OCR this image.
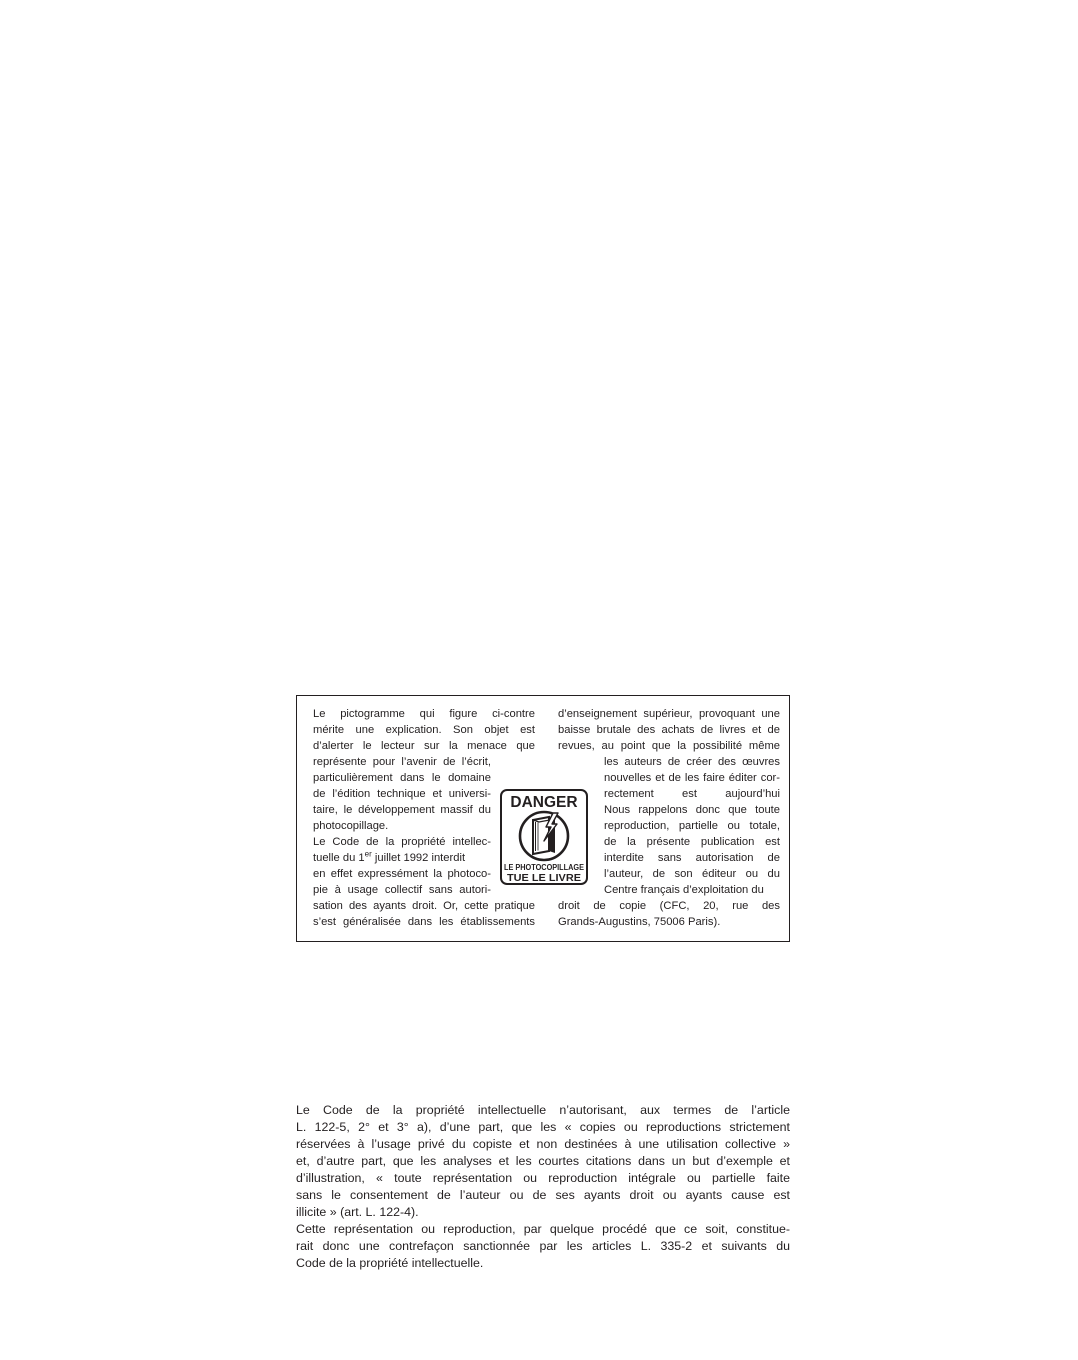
Le pictogramme qui figure ci-contre
mérite une explication. Son objet est
d’alerter le lecteur sur la menace que
représente pour l’avenir de l’écrit,
particulièrement dans le domaine
de l’édition technique et universi-
taire, le développement massif du
photocopillage.
Le Code de la propriété intellec-
tuelle du 1er juillet 1992 interdit
en effet expressément la photoco-
pie à usage collectif sans autori-
sation des ayants droit. Or, cette pratique
s’est généralisée dans les établissements
d’enseignement supérieur, provoquant une
baisse brutale des achats de livres et de
revues, au point que la possibilité même
les auteurs de créer des œuvres
nouvelles et de les faire éditer cor-
rectement est aujourd’hui
Nous rappelons donc que toute
reproduction, partielle ou totale,
de la présente publication est
interdite sans autorisation de
l’auteur, de son éditeur ou du
Centre français d’exploitation du
droit de copie (CFC, 20, rue des
Grands-Augustins, 75006 Paris).
DANGER
LE PHOTOCOPILLAGE
TUE LE LIVRE
Le Code de la propriété intellectuelle n’autorisant, aux termes de l’article
L. 122-5, 2° et 3° a), d’une part, que les « copies ou reproductions strictement
réservées à l’usage privé du copiste et non destinées à une utilisation collective »
et, d’autre part, que les analyses et les courtes citations dans un but d’exemple et
d’illustration, « toute représentation ou reproduction intégrale ou partielle faite
sans le consentement de l’auteur ou de ses ayants droit ou ayants cause est
illicite » (art. L. 122-4).
Cette représentation ou reproduction, par quelque procédé que ce soit, constitue-
rait donc une contrefaçon sanctionnée par les articles L. 335-2 et suivants du
Code de la propriété intellectuelle.
